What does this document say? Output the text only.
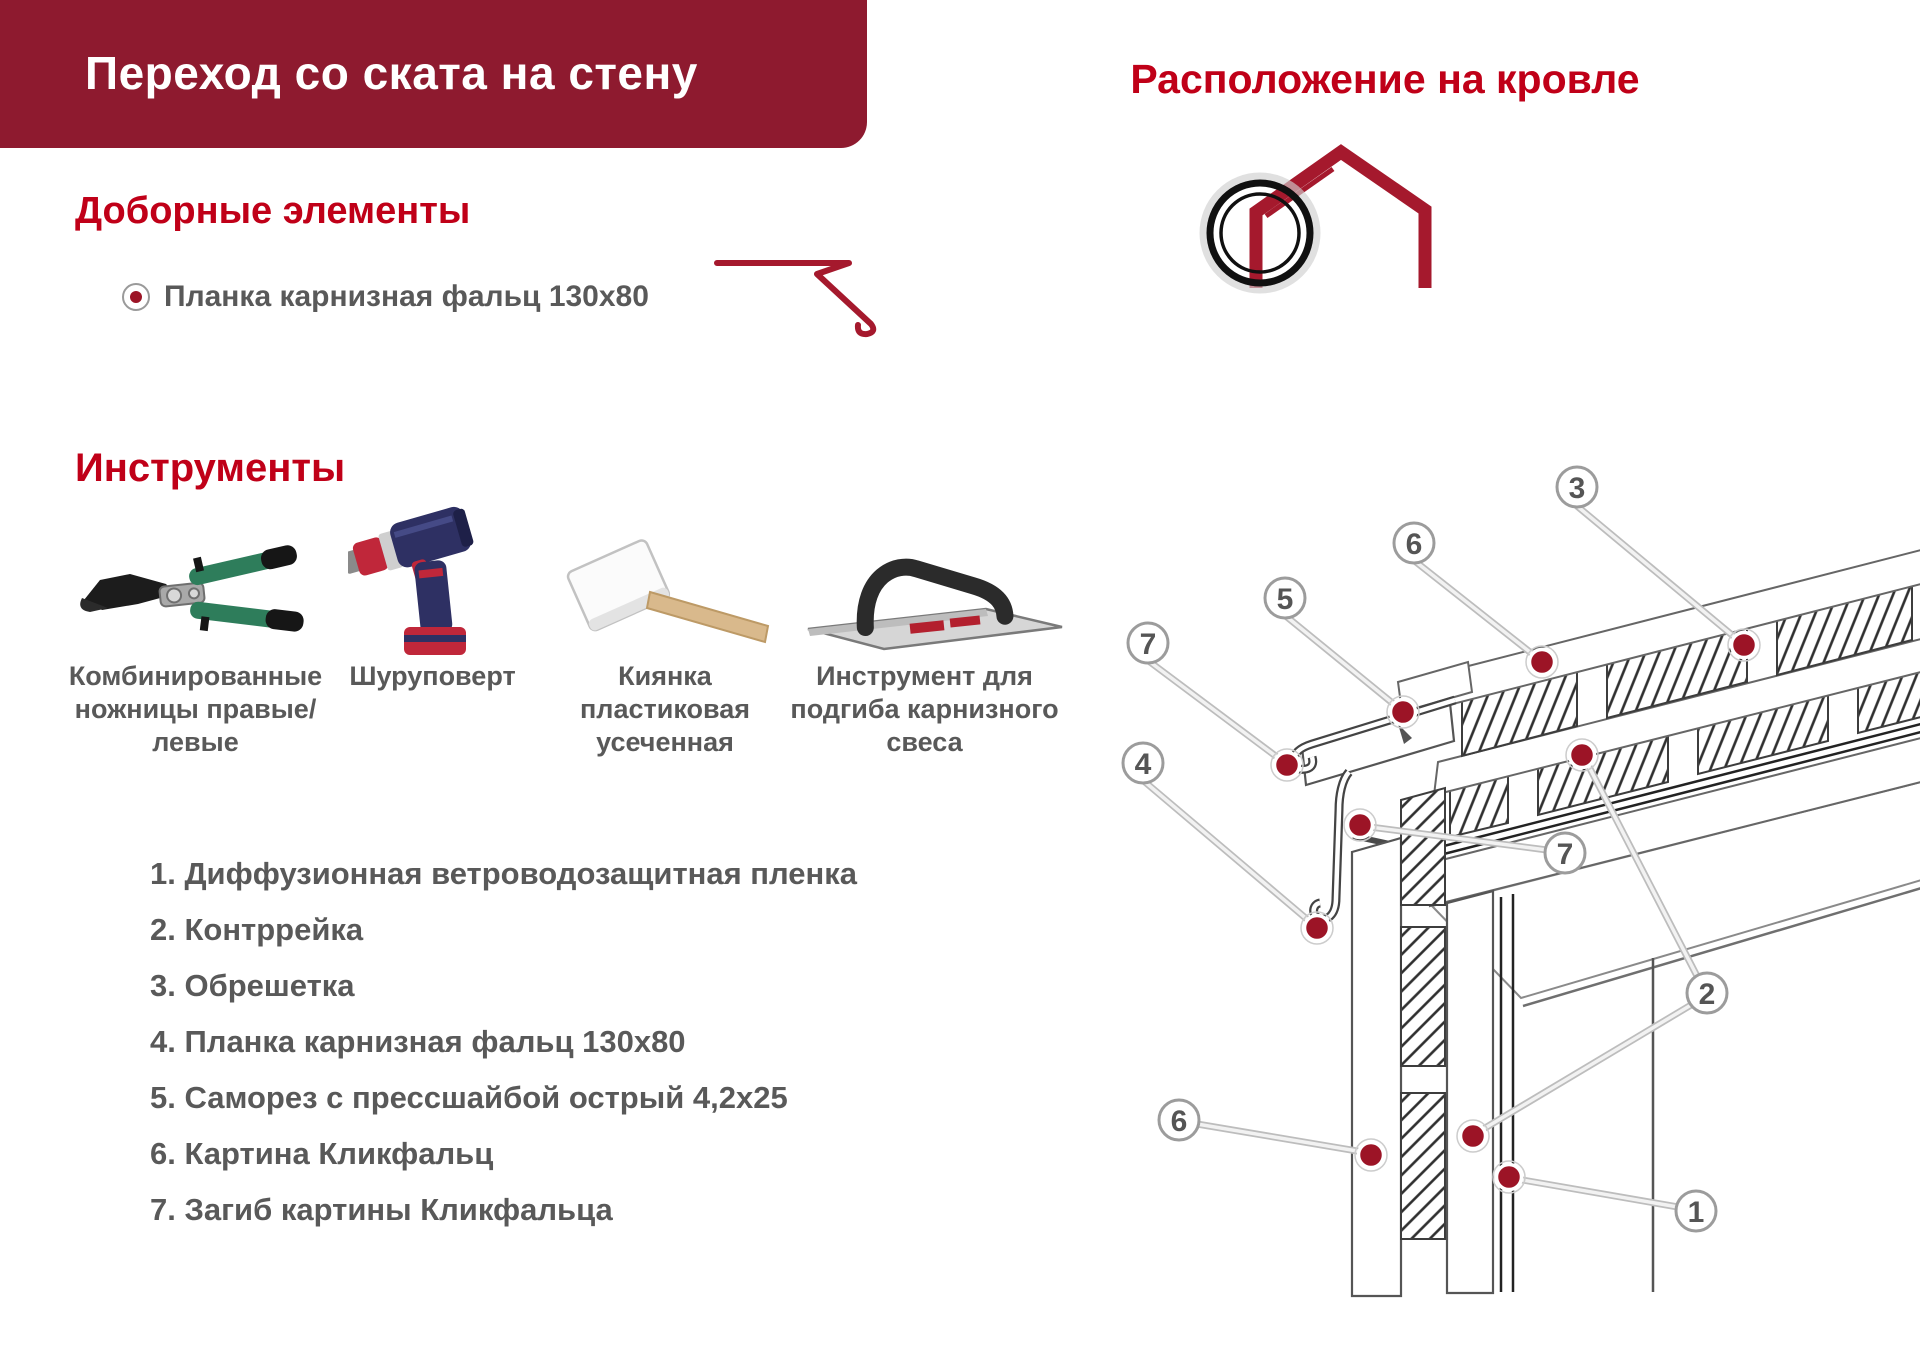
Переход со ската на стену	Расположение на кровле
Доборные элементы
Планка карнизная фальц 130х80
Инструменты
Комбинированные ножницы правые/левые
Шуруповерт	Киянка пластиковая усеченная
Инструмент для подгиба карнизного свеса
1. Диффузионная ветроводозащитная пленка
2. Контррейка
3. Обрешетка
4. Планка карнизная фальц 130х80
5. Саморез с прессшайбой острый 4,2х25
6. Картина Кликфальц
7. Загиб картины Кликфальца
3
6
5
7
4
7
2
6
1
